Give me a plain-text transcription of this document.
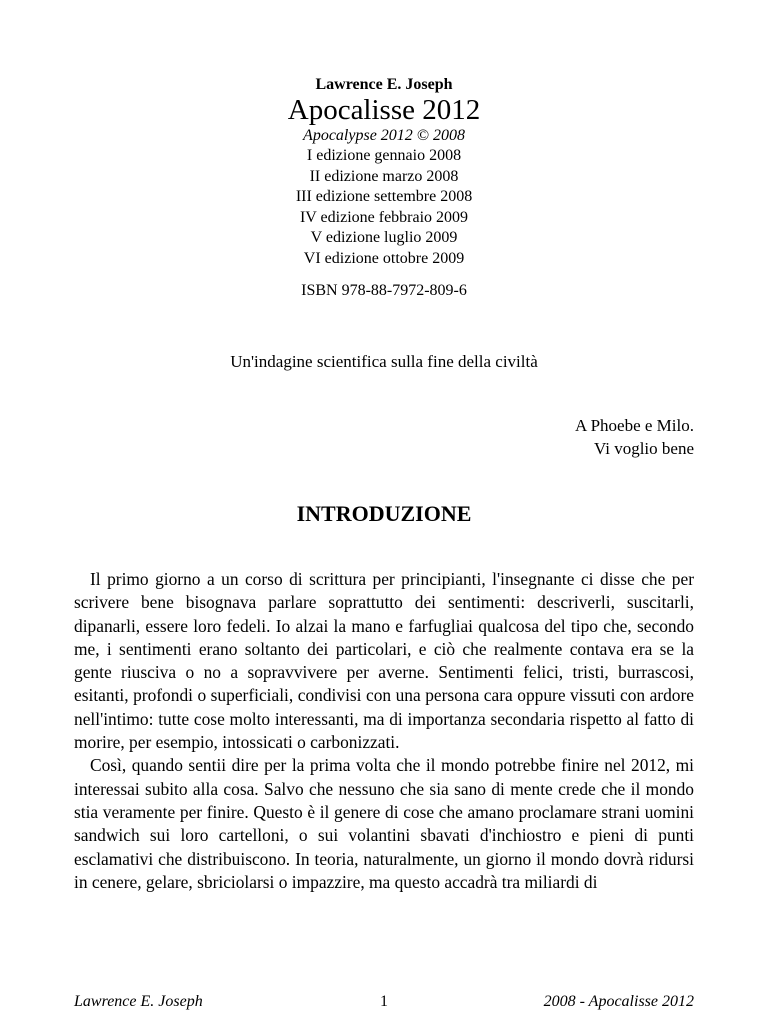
Lawrence E. Joseph

Apocalisse 2012

Apocalypse 2012 © 2008

I edizione gennaio 2008

II edizione marzo 2008

III edizione settembre 2008

IV edizione febbraio 2009

V edizione luglio 2009

VI edizione ottobre 2009

ISBN 978-88-7972-809-6

Un'indagine scientifica sulla fine della civiltà

A Phoebe e Milo.

Vi voglio bene

INTRODUZIONE

Il primo giorno a un corso di scrittura per principianti, l'insegnante ci disse che per scrivere bene bisognava parlare soprattutto dei sentimenti: descriverli, suscitarli, dipanarli, essere loro fedeli. Io alzai la mano e farfugliai qualcosa del tipo che, secondo me, i sentimenti erano soltanto dei particolari, e ciò che realmente contava era se la gente riusciva o no a sopravvivere per averne. Sentimenti felici, tristi, burrascosi, esitanti, profondi o superficiali, condivisi con una persona cara oppure vissuti con ardore nell'intimo: tutte cose molto interessanti, ma di importanza secondaria rispetto al fatto di morire, per esempio, intossicati o carbonizzati.

Così, quando sentii dire per la prima volta che il mondo potrebbe finire nel 2012, mi interessai subito alla cosa. Salvo che nessuno che sia sano di mente crede che il mondo stia veramente per finire. Questo è il genere di cose che amano proclamare strani uomini sandwich sui loro cartelloni, o sui volantini sbavati d'inchiostro e pieni di punti esclamativi che distribuiscono. In teoria, naturalmente, un giorno il mondo dovrà ridursi in cenere, gelare, sbriciolarsi o impazzire, ma questo accadrà tra miliardi di

Lawrence E. Joseph	1	2008 - Apocalisse 2012
